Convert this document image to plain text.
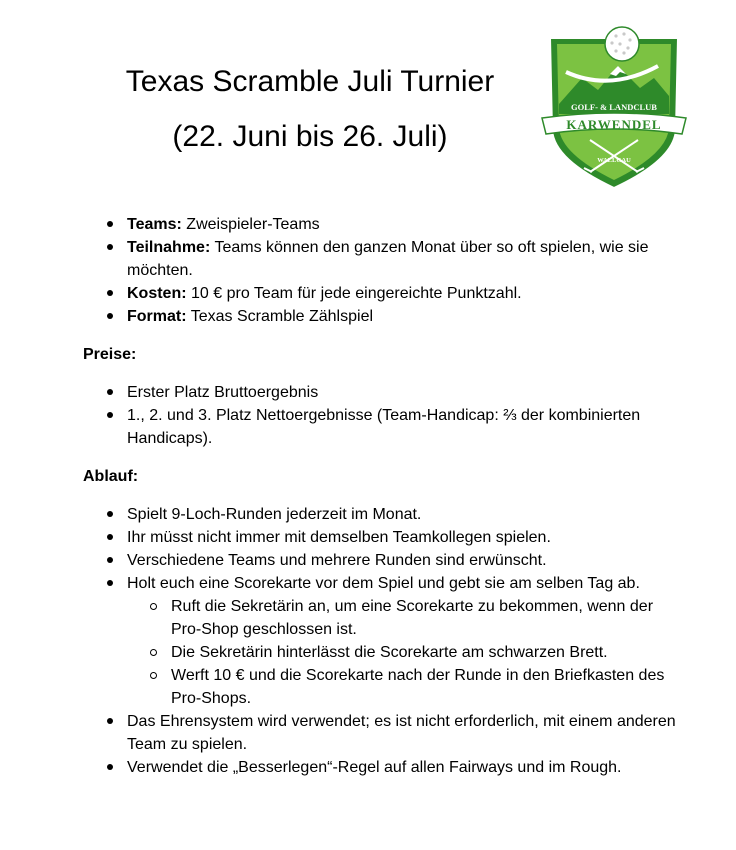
Texas Scramble Juli Turnier
(22. Juni bis 26. Juli)
GOLF- & LANDCLUB
KARWENDEL
WALLGAU
Teams: Zweispieler-Teams
Teilnahme: Teams können den ganzen Monat über so oft spielen, wie sie möchten.
Kosten: 10 € pro Team für jede eingereichte Punktzahl.
Format: Texas Scramble Zählspiel

Preise:

Erster Platz Bruttoergebnis
1., 2. und 3. Platz Nettoergebnisse (Team-Handicap: ⅔ der kombinierten Handicaps).

Ablauf:

Spielt 9-Loch-Runden jederzeit im Monat.
Ihr müsst nicht immer mit demselben Teamkollegen spielen.
Verschiedene Teams und mehrere Runden sind erwünscht.
Holt euch eine Scorekarte vor dem Spiel und gebt sie am selben Tag ab.
Ruft die Sekretärin an, um eine Scorekarte zu bekommen, wenn der Pro-Shop geschlossen ist.
Die Sekretärin hinterlässt die Scorekarte am schwarzen Brett.
Werft 10 € und die Scorekarte nach der Runde in den Briefkasten des Pro-Shops.
Das Ehrensystem wird verwendet; es ist nicht erforderlich, mit einem anderen Team zu spielen.
Verwendet die „Besserlegen“-Regel auf allen Fairways und im Rough.
